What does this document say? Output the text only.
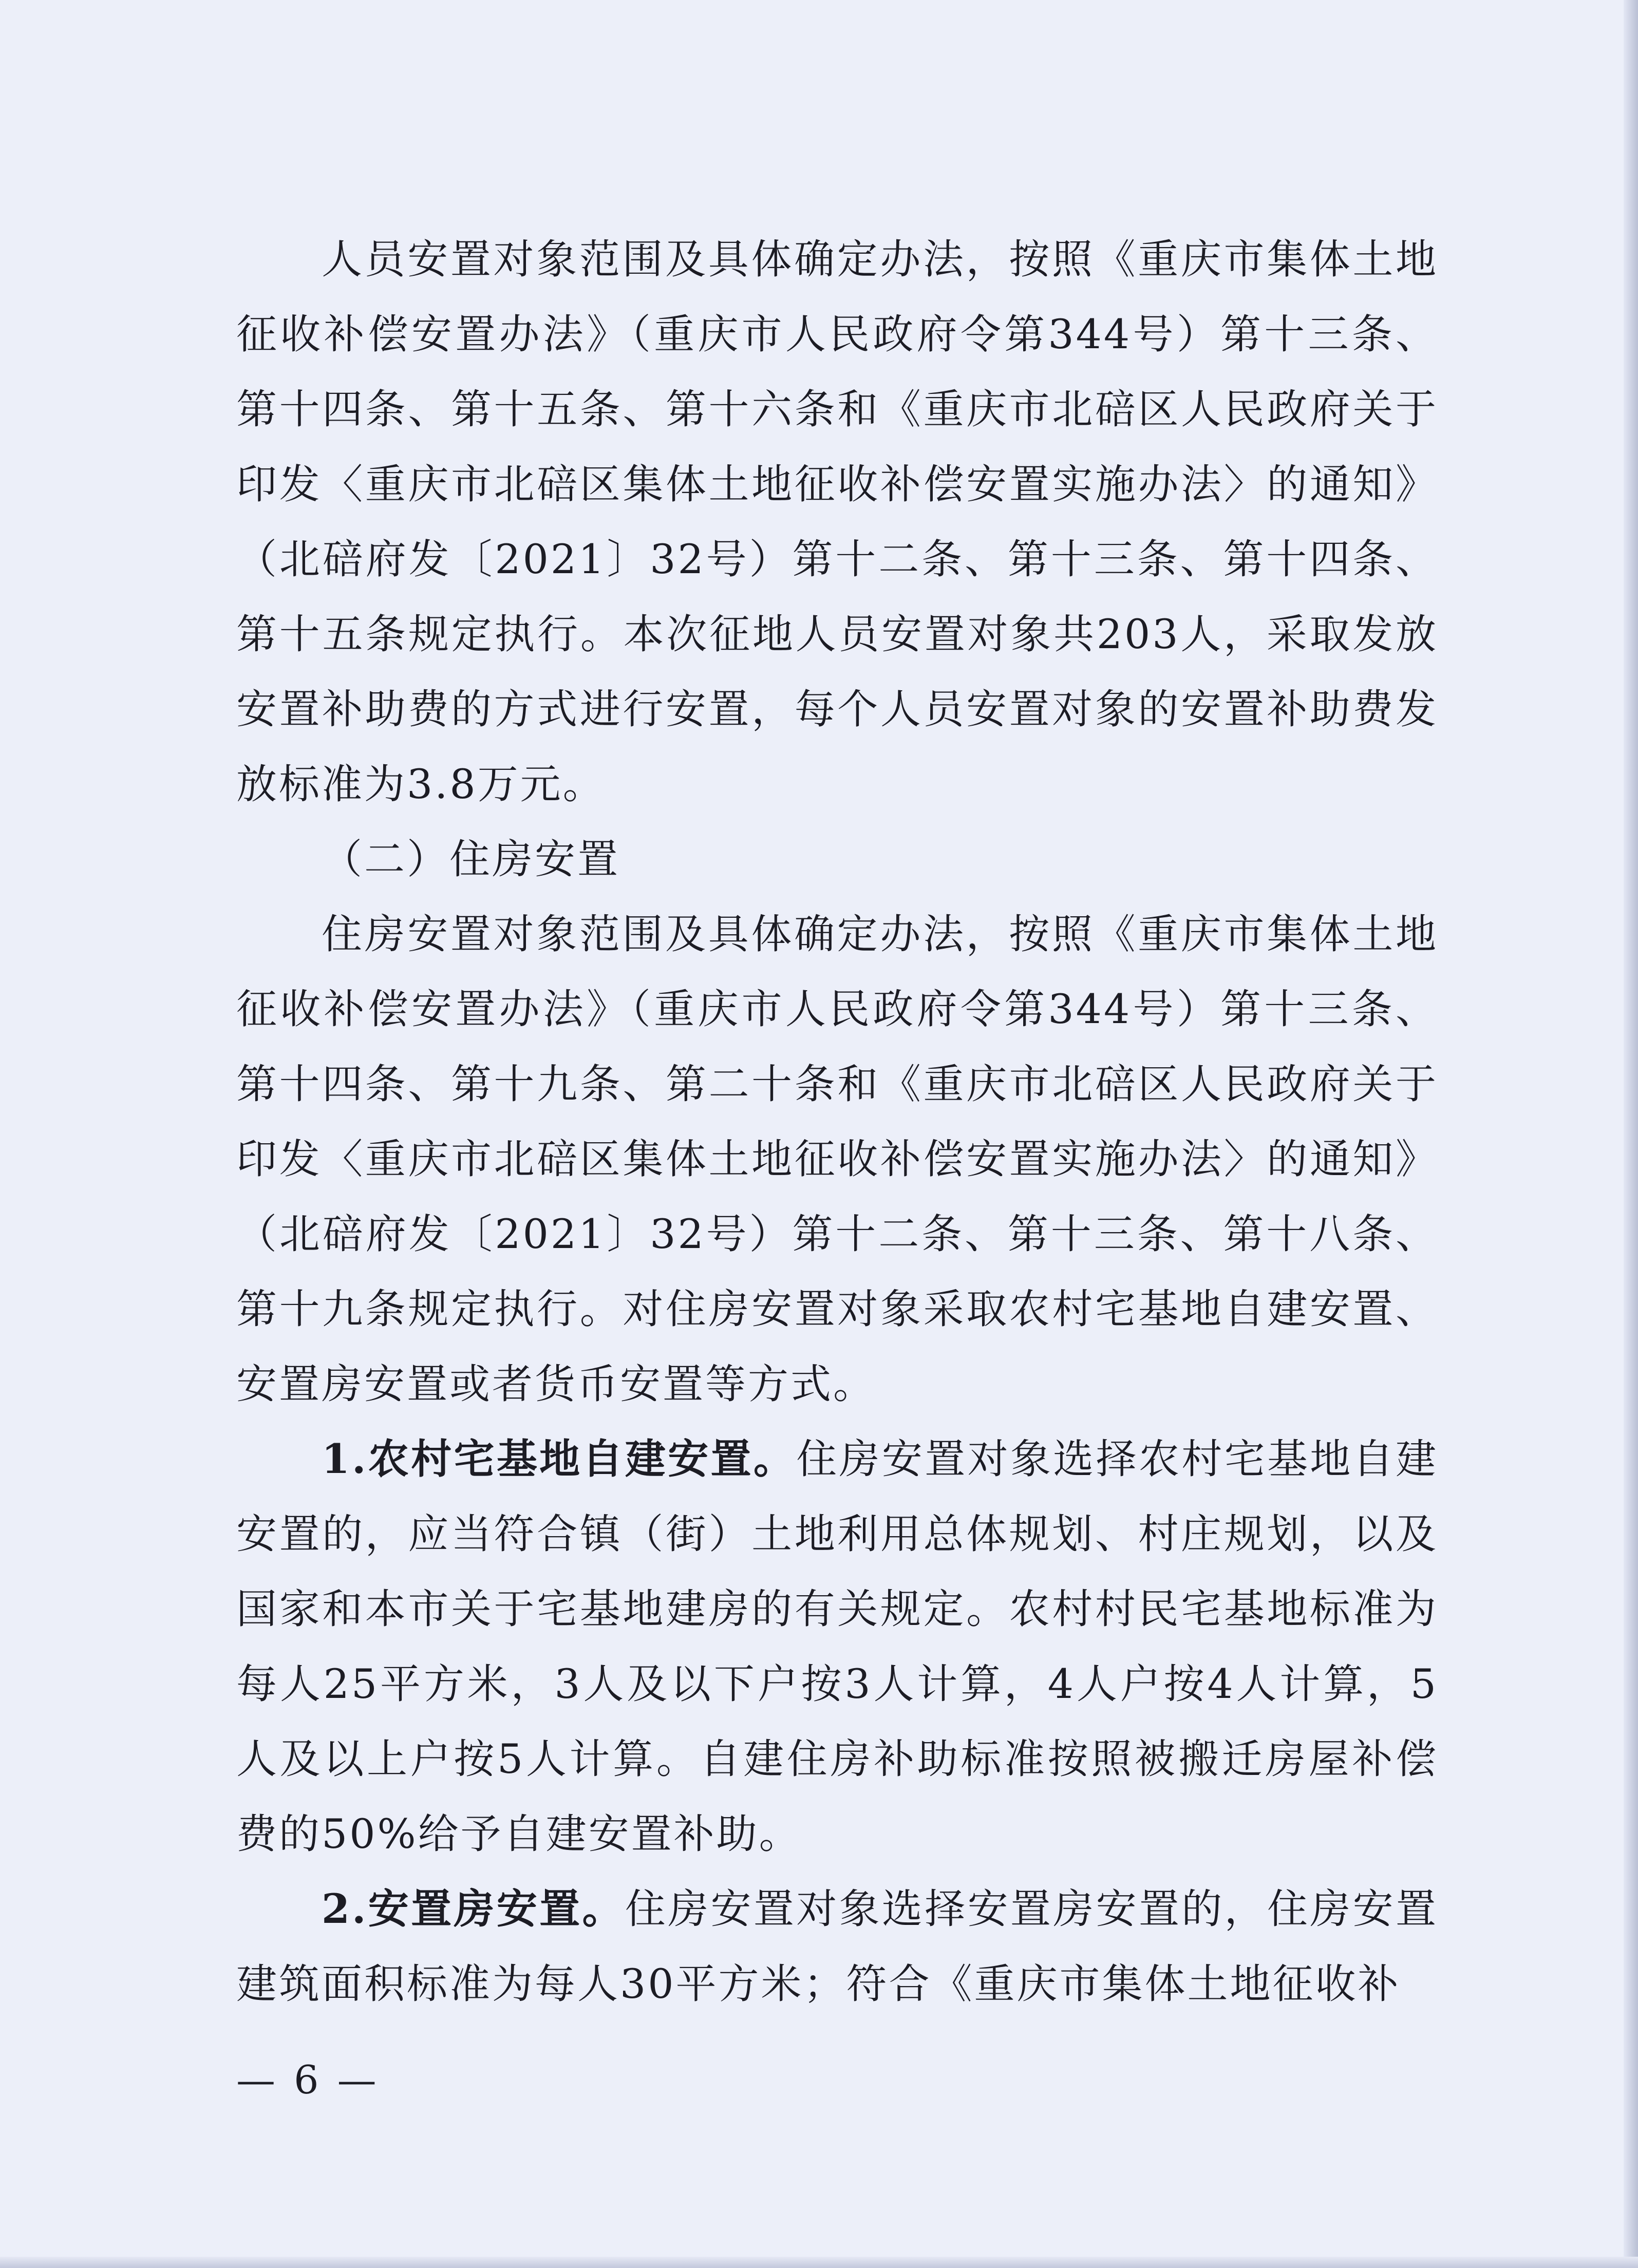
人员安置对象范围及具体确定办法，按照《重庆市集体土地征收补偿安置办法》（重庆市人民政府令第344号）第十三条、第十四条、第十五条、第十六条和《重庆市北碚区人民政府关于印发〈重庆市北碚区集体土地征收补偿安置实施办法〉的通知》（北碚府发〔2021〕32号）第十二条、第十三条、第十四条、第十五条规定执行。本次征地人员安置对象共203人，采取发放安置补助费的方式进行安置，每个人员安置对象的安置补助费发放标准为3.8万元。

（二）住房安置

住房安置对象范围及具体确定办法，按照《重庆市集体土地征收补偿安置办法》（重庆市人民政府令第344号）第十三条、第十四条、第十九条、第二十条和《重庆市北碚区人民政府关于印发〈重庆市北碚区集体土地征收补偿安置实施办法〉的通知》（北碚府发〔2021〕32号）第十二条、第十三条、第十八条、第十九条规定执行。对住房安置对象采取农村宅基地自建安置、安置房安置或者货币安置等方式。

1.农村宅基地自建安置。住房安置对象选择农村宅基地自建安置的，应当符合镇（街）土地利用总体规划、村庄规划，以及国家和本市关于宅基地建房的有关规定。农村村民宅基地标准为每人25平方米，3人及以下户按3人计算，4人户按4人计算，5人及以上户按5人计算。自建住房补助标准按照被搬迁房屋补偿费的50%给予自建安置补助。

2.安置房安置。住房安置对象选择安置房安置的，住房安置建筑面积标准为每人30平方米；符合《重庆市集体土地征收补

— 6 —
